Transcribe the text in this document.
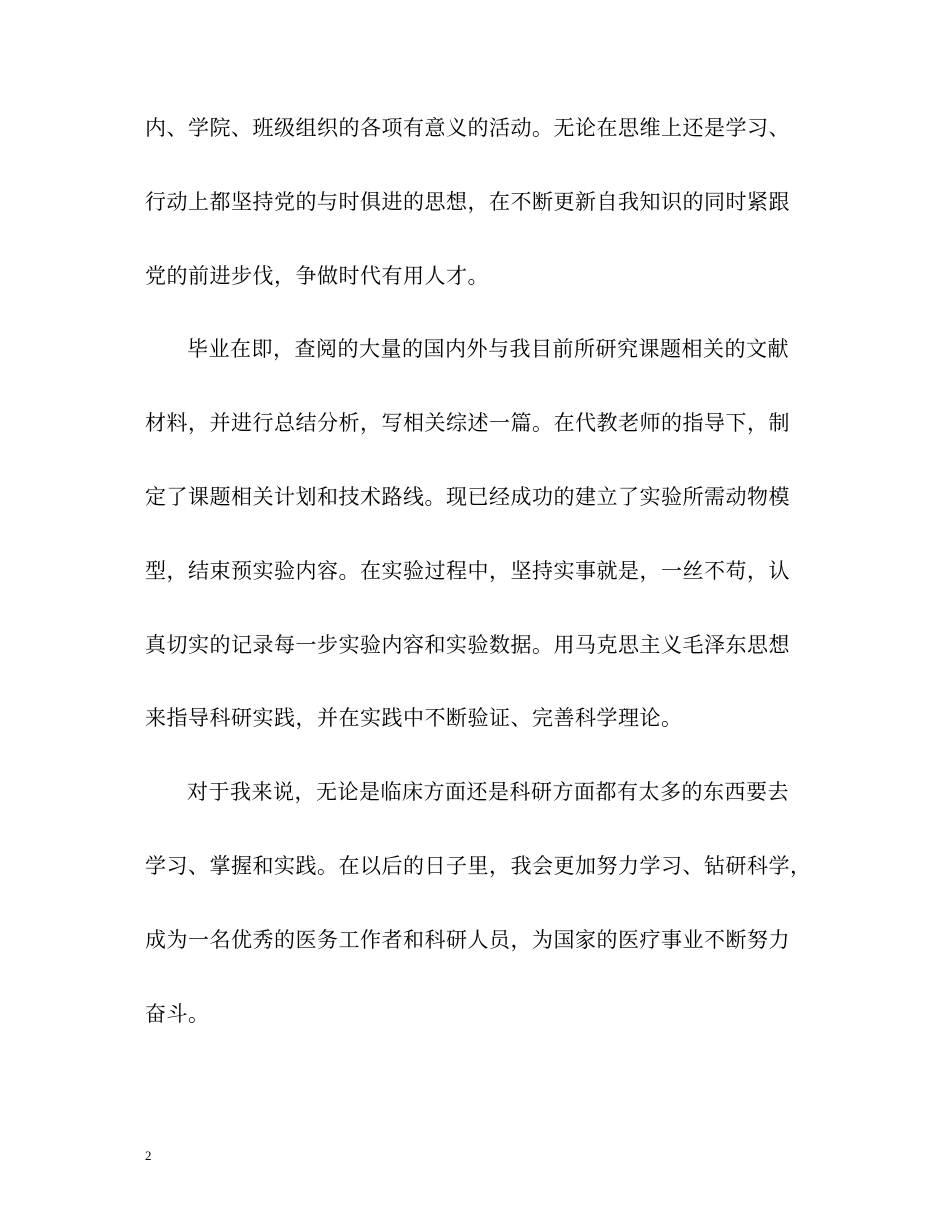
内、学院、班级组织的各项有意义的活动。无论在思维上还是学习、
行动上都坚持党的与时俱进的思想，在不断更新自我知识的同时紧跟
党的前进步伐，争做时代有用人才。
毕业在即，查阅的大量的国内外与我目前所研究课题相关的文献
材料，并进行总结分析，写相关综述一篇。在代教老师的指导下，制
定了课题相关计划和技术路线。现已经成功的建立了实验所需动物模
型，结束预实验内容。在实验过程中，坚持实事就是，一丝不苟，认
真切实的记录每一步实验内容和实验数据。用马克思主义毛泽东思想
来指导科研实践，并在实践中不断验证、完善科学理论。
对于我来说，无论是临床方面还是科研方面都有太多的东西要去
学习、掌握和实践。在以后的日子里，我会更加努力学习、钻研科学，
成为一名优秀的医务工作者和科研人员，为国家的医疗事业不断努力
奋斗。
2
